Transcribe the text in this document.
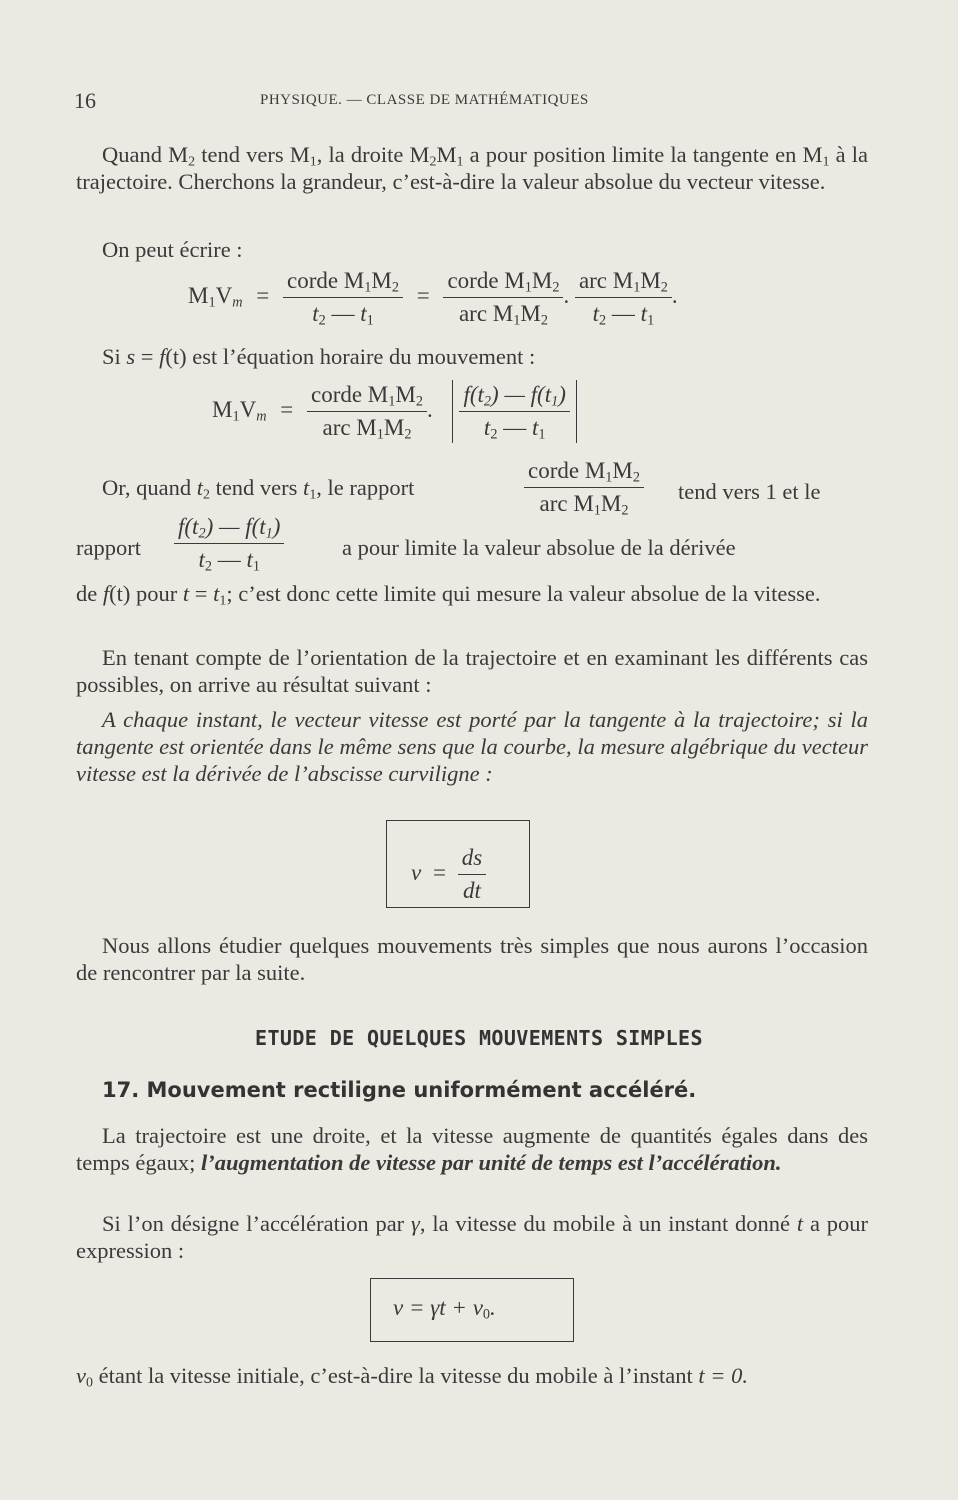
16	PHYSIQUE. — CLASSE DE MATHÉMATIQUES
Quand $M_2$ tend vers $M_1$, la droite $M_2M_1$ a pour position limite la tangente en $M_1$ à la trajectoire. Cherchons la grandeur, c’est-à-dire la valeur absolue du vecteur vitesse.
On peut écrire :
$M_1V_m = \frac{corde M_1M_2}{t_2 — t_1} = \frac{corde M_1M_2}{arc M_1M_2}$ . $\frac{arc M_1M_2}{t_2 — t_1}$ .
Si s = f(t) est l’équation horaire du mouvement :
$M_1V_m = \frac{corde M_1M_2}{arc M_1M_2}$ . $\frac{f(t_2) — f(t_1)}{t_2 — t_1}$
Or, quand $t_2$ tend vers $t_1$, le rapport	$\frac{corde M_1M_2}{arc M_1M_2}$ tend vers 1 et le
rapport $\frac{f(t_2) — f(t_1)}{t_2 — t_1}$	a pour limite la valeur absolue de la dérivée
de f(t) pour $t = t_1$; c’est donc cette limite qui mesure la valeur absolue de la vitesse.
En tenant compte de l’orientation de la trajectoire et en examinant les différents cas possibles, on arrive au résultat suivant :
A chaque instant, le vecteur vitesse est porté par la tangente à la trajectoire; si la tangente est orientée dans le même sens que la courbe, la mesure algébrique du vecteur vitesse est la dérivée de l’abscisse curviligne :
$v = \frac{ds}{dt}$
Nous allons étudier quelques mouvements très simples que nous aurons l’occasion de rencontrer par la suite.
ETUDE DE QUELQUES MOUVEMENTS SIMPLES
17. Mouvement rectiligne uniformément accéléré.
La trajectoire est une droite, et la vitesse augmente de quantités égales dans des temps égaux; l’augmentation de vitesse par unité de temps est l’accélération.
Si l’on désigne l’accélération par γ, la vitesse du mobile à un instant donné t a pour expression :
$v = \gamma t + v_0$.
$v_0$ étant la vitesse initiale, c’est-à-dire la vitesse du mobile à l’instant t = 0.
